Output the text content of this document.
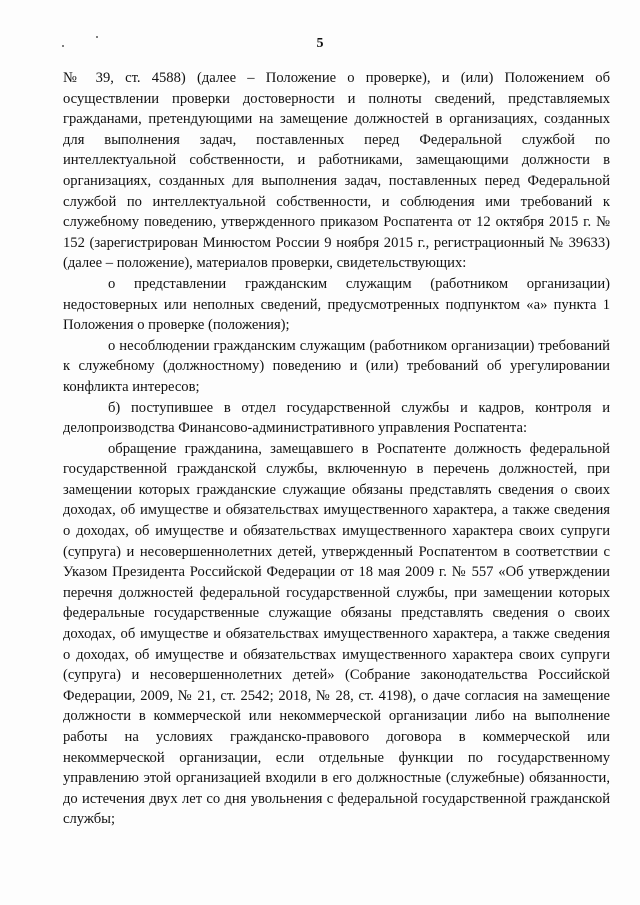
5

№ 39, ст. 4588) (далее – Положение о проверке), и (или) Положением об осуществлении проверки достоверности и полноты сведений, представляемых гражданами, претендующими на замещение должностей в организациях, созданных для выполнения задач, поставленных перед Федеральной службой по интеллектуальной собственности, и работниками, замещающими должности в организациях, созданных для выполнения задач, поставленных перед Федеральной службой по интеллектуальной собственности, и соблюдения ими требований к служебному поведению, утвержденного приказом Роспатента от 12 октября 2015 г. № 152 (зарегистрирован Минюстом России 9 ноября 2015 г., регистрационный № 39633) (далее – положение), материалов проверки, свидетельствующих:

о представлении гражданским служащим (работником организации) недостоверных или неполных сведений, предусмотренных подпунктом «а» пункта 1 Положения о проверке (положения);

о несоблюдении гражданским служащим (работником организации) требований к служебному (должностному) поведению и (или) требований об урегулировании конфликта интересов;

б) поступившее в отдел государственной службы и кадров, контроля и делопроизводства Финансово-административного управления Роспатента:

обращение гражданина, замещавшего в Роспатенте должность федеральной государственной гражданской службы, включенную в перечень должностей, при замещении которых гражданские служащие обязаны представлять сведения о своих доходах, об имуществе и обязательствах имущественного характера, а также сведения о доходах, об имуществе и обязательствах имущественного характера своих супруги (супруга) и несовершеннолетних детей, утвержденный Роспатентом в соответствии с Указом Президента Российской Федерации от 18 мая 2009 г. № 557 «Об утверждении перечня должностей федеральной государственной службы, при замещении которых федеральные государственные служащие обязаны представлять сведения о своих доходах, об имуществе и обязательствах имущественного характера, а также сведения о доходах, об имуществе и обязательствах имущественного характера своих супруги (супруга) и несовершеннолетних детей» (Собрание законодательства Российской Федерации, 2009, № 21, ст. 2542; 2018, № 28, ст. 4198), о даче согласия на замещение должности в коммерческой или некоммерческой организации либо на выполнение работы на условиях гражданско-правового договора в коммерческой или некоммерческой организации, если отдельные функции по государственному управлению этой организацией входили в его должностные (служебные) обязанности, до истечения двух лет со дня увольнения с федеральной государственной гражданской службы;
